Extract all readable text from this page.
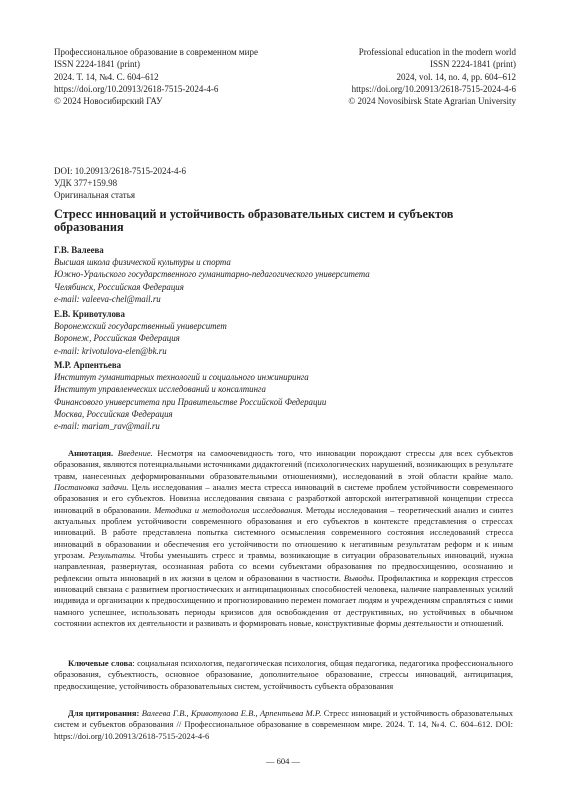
Профессиональное образование в современном мире
ISSN 2224-1841 (print)
2024. Т. 14, №4. С. 604–612
https://doi.org/10.20913/2618-7515-2024-4-6
© 2024 Новосибирский ГАУ
Professional education in the modern world
ISSN 2224-1841 (print)
2024, vol. 14, no. 4, pp. 604–612
https://doi.org/10.20913/2618-7515-2024-4-6
© 2024 Novosibirsk State Agrarian University
DOI: 10.20913/2618-7515-2024-4-6
УДК 377+159.98
Оригинальная статья
Стресс инноваций и устойчивость образовательных систем и субъектов образования
Г.В. Валеева
Высшая школа физической культуры и спорта
Южно-Уральского государственного гуманитарно-педагогического университета
Челябинск, Российская Федерация
e-mail: valeeva-chel@mail.ru
Е.В. Кривотулова
Воронежский государственный университет
Воронеж, Российская Федерация
e-mail: krivotulova-elen@bk.ru
М.Р. Арпентьева
Институт гуманитарных технологий и социального инжиниринга
Институт управленческих исследований и консалтинга
Финансового университета при Правительстве Российской Федерации
Москва, Российская Федерация
e-mail: mariam_rav@mail.ru
Аннотация. Введение. Несмотря на самоочевидность того, что инновации порождают стрессы для всех субъектов образования, являются потенциальными источниками дидактогений (психологических нарушений, возникающих в результате травм, нанесенных деформированными образовательными отношениями), исследований в этой области крайне мало. Постановка задачи. Цель исследования – анализ места стресса инноваций в системе проблем устойчивости современного образования и его субъектов. Новизна исследования связана с разработкой авторской интегративной концепции стресса инноваций в образовании. Методика и методология исследования. Методы исследования – теоретический анализ и синтез актуальных проблем устойчивости современного образования и его субъектов в контексте представления о стрессах инноваций. В работе представлена попытка системного осмысления современного состояния исследований стресса инноваций в образовании и обеспечения его устойчивости по отношению к негативным результатам реформ и к иным угрозам. Результаты. Чтобы уменьшить стресс и травмы, возникающие в ситуации образовательных инноваций, нужна направленная, развернутая, осознанная работа со всеми субъектами образования по предвосхищению, осознанию и рефлексии опыта инноваций в их жизни в целом и образовании в частности. Выводы. Профилактика и коррекция стрессов инноваций связана с развитием прогностических и антиципационных способностей человека, наличие направленных усилий индивида и организации к предвосхищению и прогнозированию перемен помогает людям и учреждениям справляться с ними намного успешнее, использовать периоды кризисов для освобождения от деструктивных, но устойчивых в обычном состоянии аспектов их деятельности и развивать и формировать новые, конструктивные формы деятельности и отношений.
Ключевые слова: социальная психология, педагогическая психология, общая педагогика, педагогика профессионального образования, субъектность, основное образование, дополнительное образование, стрессы инноваций, антиципация, предвосхищение, устойчивость образовательных систем, устойчивость субъекта образования
Для цитирования: Валеева Г.В., Кривотулова Е.В., Арпентьева М.Р. Стресс инноваций и устойчивость образовательных систем и субъектов образования // Профессиональное образование в современном мире. 2024. Т. 14, №4. С. 604–612. DOI: https://doi.org/10.20913/2618-7515-2024-4-6
— 604 —
